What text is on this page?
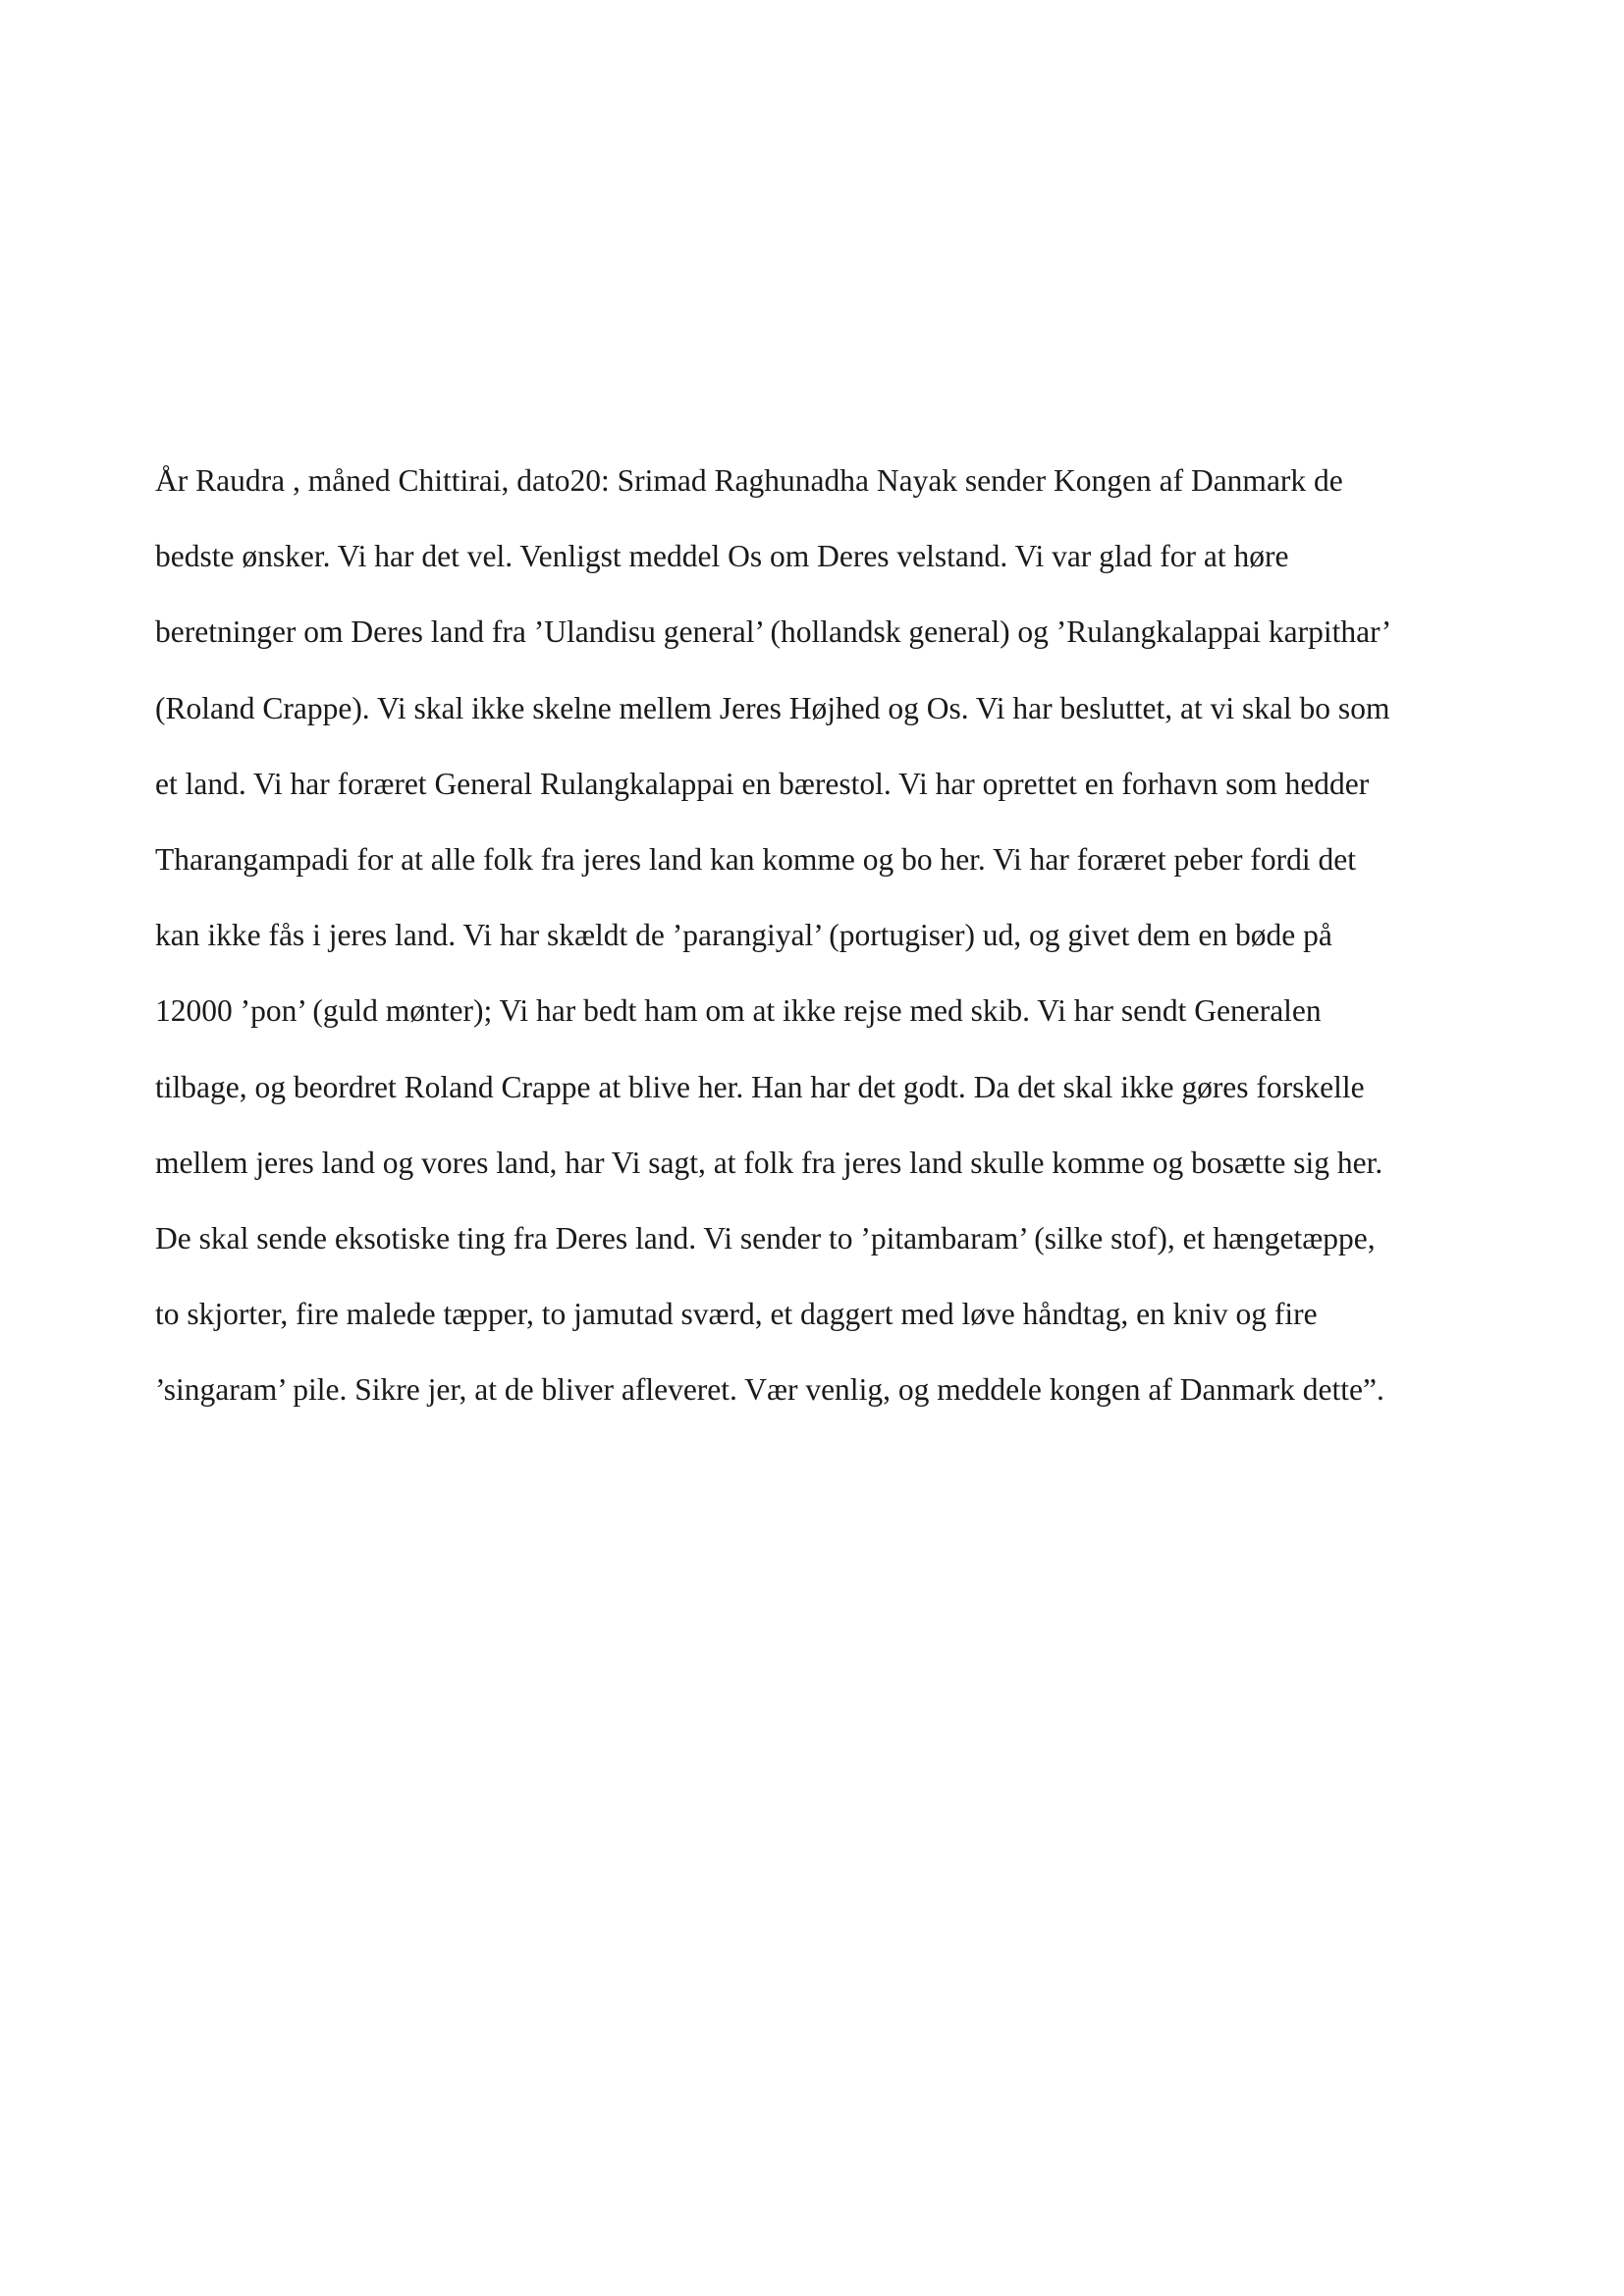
År Raudra , måned Chittirai, dato20: Srimad Raghunadha Nayak sender Kongen af Danmark de
bedste ønsker. Vi har det vel. Venligst meddel Os om Deres velstand. Vi var glad for at høre
beretninger om Deres land fra ’Ulandisu general’ (hollandsk general) og ’Rulangkalappai karpithar’
(Roland Crappe). Vi skal ikke skelne mellem Jeres Højhed og Os. Vi har besluttet, at vi skal bo som
et land. Vi har foræret General Rulangkalappai en bærestol. Vi har oprettet en forhavn som hedder
Tharangampadi for at alle folk fra jeres land kan komme og bo her. Vi har foræret peber fordi det
kan ikke fås i jeres land. Vi har skældt de ’parangiyal’ (portugiser) ud, og givet dem en bøde på
12000 ’pon’ (guld mønter); Vi har bedt ham om at ikke rejse med skib. Vi har sendt Generalen
tilbage, og beordret Roland Crappe at blive her. Han har det godt. Da det skal ikke gøres forskelle
mellem jeres land og vores land, har Vi sagt, at folk fra jeres land skulle komme og bosætte sig her.
De skal sende eksotiske ting fra Deres land. Vi sender to ’pitambaram’ (silke stof), et hængetæppe,
to skjorter, fire malede tæpper, to jamutad sværd, et daggert med løve håndtag, en kniv og fire
’singaram’ pile. Sikre jer, at de bliver afleveret. Vær venlig, og meddele kongen af Danmark dette”.
